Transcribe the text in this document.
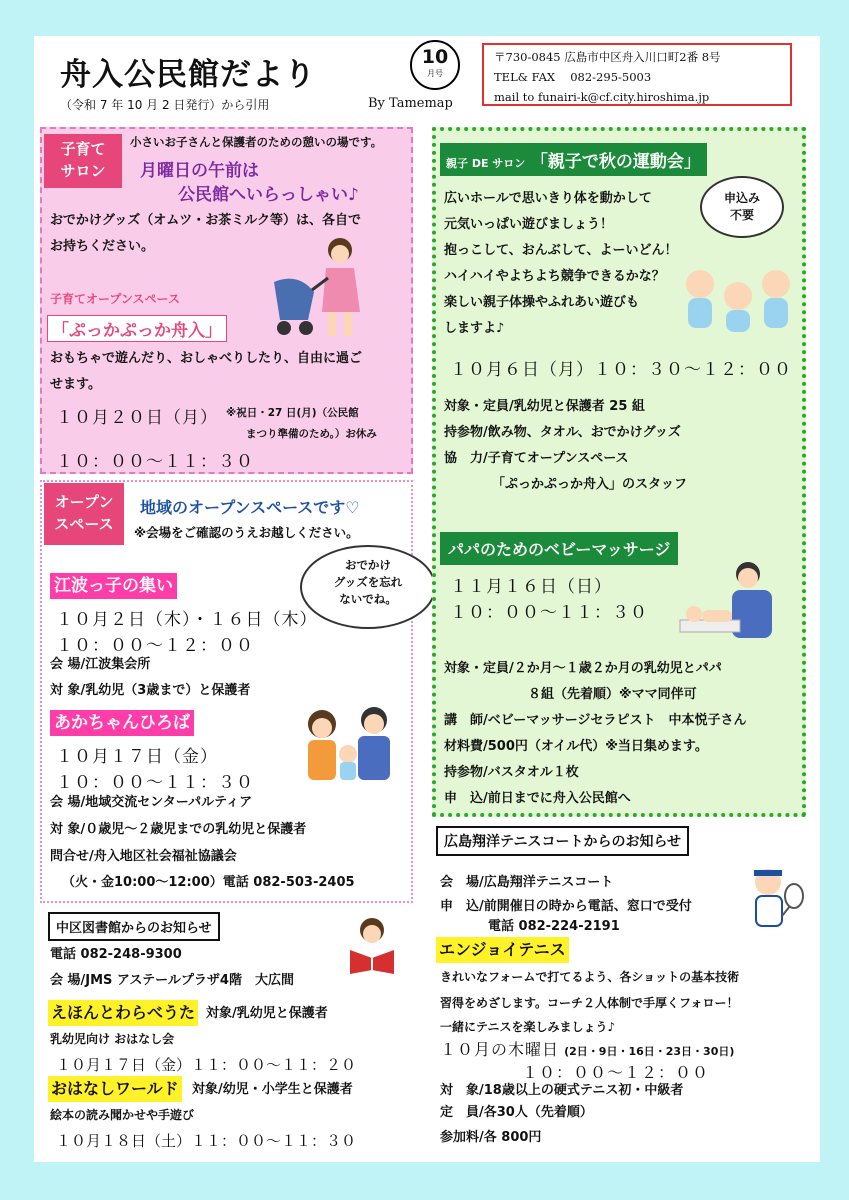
舟入公民館だより	10
月号
（令和 7 年 10 月 2 日発行）から引用	By Tamemap
〒730-0845 広島市中区舟入川口町2番 8号
TEL& FAX　 082-295-5003
mail to funairi-k@cf.city.hiroshima.jp
子育て
サロン
小さいお子さんと保護者のための憩いの場です。
月曜日の午前は
公民館へいらっしゃい♪
おでかけグッズ（オムツ・お茶ミルク等）は、各自で
お持ちください。
子育てオープンスペース
「ぷっかぷっか舟入」
おもちゃで遊んだり、おしゃべりしたり、自由に過ご
せます。
１０月２０日（月） ※祝日・27 日(月)（公民館
まつり準備のため。）お休み
１０：００～１１：３０
オープン
スペース
地域のオープンスペースです♡
※会場をご確認のうえお越しください。
おでかけ
グッズを忘れ
ないでね。
江波っ子の集い
１０月２日（木）・１６日（木）
１０：００～１２：００
会 場/江波集会所
対 象/乳幼児（3歳まで）と保護者
あかちゃんひろば
１０月１７日（金）
１０：００～１１：３０
会 場/地域交流センターパルティア
対 象/０歳児～２歳児までの乳幼児と保護者
問合せ/舟入地区社会福祉協議会
（火・金10:00～12:00）電話 082-503-2405
中区図書館からのお知らせ
電話 082-248-9300
会 場/JMS アステールプラザ4階　大広間
えほんとわらべうた 対象/乳幼児と保護者
乳幼児向け おはなし会
１０月１７日（金）１１：００～１１：２０
おはなしワールド 対象/幼児・小学生と保護者
絵本の読み聞かせや手遊び
１０月１８日（土）１１：００～１１：３０
親子 DE サロン 「親子で秋の運動会」
申込み
不要
広いホールで思いきり体を動かして
元気いっぱい遊びましょう！
抱っこして、おんぶして、よーいどん！
ハイハイやよちよち競争できるかな？
楽しい親子体操やふれあい遊びも
しますよ♪
１０月６日（月）１０：３０～１２：００
対象・定員/乳幼児と保護者 25 組
持参物/飲み物、タオル、おでかけグッズ
協　力/子育てオープンスペース
「ぷっかぷっか舟入」のスタッフ
パパのためのベビーマッサージ
１１月１６日（日）
１０：００～１１：３０
対象・定員/２か月～１歳２か月の乳幼児とパパ
８組（先着順）※ママ同伴可
講　師/ベビーマッサージセラピスト　中本悦子さん
材料費/500円（オイル代）※当日集めます。
持参物/バスタオル１枚
申　込/前日までに舟入公民館へ
広島翔洋テニスコートからのお知らせ
会　場/広島翔洋テニスコート
申　込/前開催日の時から電話、窓口で受付
電話 082-224-2191
エンジョイテニス
きれいなフォームで打てるよう、各ショットの基本技術
習得をめざします。コーチ２人体制で手厚くフォロー！
一緒にテニスを楽しみましょう♪
１０月の木曜日 (2日・9日・16日・23日・30日)
１０：００～１２：００
対　象/18歳以上の硬式テニス初・中級者
定　員/各30人（先着順）
参加料/各 800円
